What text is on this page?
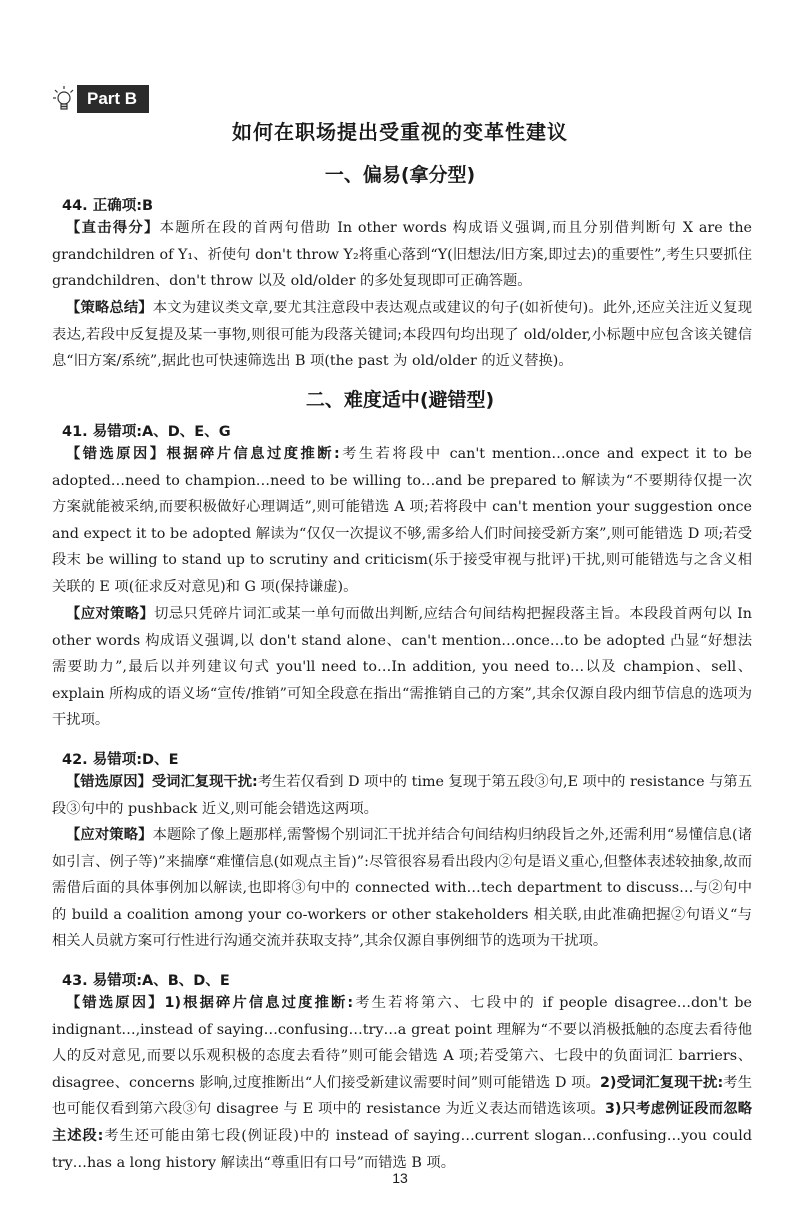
Part B
如何在职场提出受重视的变革性建议
一、偏易(拿分型)
44. 正确项:B
【直击得分】本题所在段的首两句借助 In other words 构成语义强调,而且分别借判断句 X are the grandchildren of Y₁、祈使句 don't throw Y₂将重心落到“Y(旧想法/旧方案,即过去)的重要性”,考生只要抓住 grandchildren、don't throw 以及 old/older 的多处复现即可正确答题。
【策略总结】本文为建议类文章,要尤其注意段中表达观点或建议的句子(如祈使句)。此外,还应关注近义复现表达,若段中反复提及某一事物,则很可能为段落关键词;本段四句均出现了 old/older,小标题中应包含该关键信息“旧方案/系统”,据此也可快速筛选出 B 项(the past 为 old/older 的近义替换)。
二、难度适中(避错型)
41. 易错项:A、D、E、G
【错选原因】根据碎片信息过度推断:考生若将段中 can't mention…once and expect it to be adopted…need to champion…need to be willing to…and be prepared to 解读为“不要期待仅提一次方案就能被采纳,而要积极做好心理调适”,则可能错选 A 项;若将段中 can't mention your suggestion once and expect it to be adopted 解读为“仅仅一次提议不够,需多给人们时间接受新方案”,则可能错选 D 项;若受段末 be willing to stand up to scrutiny and criticism(乐于接受审视与批评)干扰,则可能错选与之含义相关联的 E 项(征求反对意见)和 G 项(保持谦虚)。
【应对策略】切忌只凭碎片词汇或某一单句而做出判断,应结合句间结构把握段落主旨。本段段首两句以 In other words 构成语义强调,以 don't stand alone、can't mention…once…to be adopted 凸显“好想法需要助力”,最后以并列建议句式 you'll need to…In addition, you need to…以及 champion、sell、explain 所构成的语义场“宣传/推销”可知全段意在指出“需推销自己的方案”,其余仅源自段内细节信息的选项为干扰项。
42. 易错项:D、E
【错选原因】受词汇复现干扰:考生若仅看到 D 项中的 time 复现于第五段③句,E 项中的 resistance 与第五段③句中的 pushback 近义,则可能会错选这两项。
【应对策略】本题除了像上题那样,需警惕个别词汇干扰并结合句间结构归纳段旨之外,还需利用“易懂信息(诸如引言、例子等)”来揣摩“难懂信息(如观点主旨)”:尽管很容易看出段内②句是语义重心,但整体表述较抽象,故而需借后面的具体事例加以解读,也即将③句中的 connected with…tech department to discuss…与②句中的 build a coalition among your co-workers or other stakeholders 相关联,由此准确把握②句语义“与相关人员就方案可行性进行沟通交流并获取支持”,其余仅源自事例细节的选项为干扰项。
43. 易错项:A、B、D、E
【错选原因】1)根据碎片信息过度推断:考生若将第六、七段中的 if people disagree…don't be indignant…,instead of saying…confusing…try…a great point 理解为“不要以消极抵触的态度去看待他人的反对意见,而要以乐观积极的态度去看待”则可能会错选 A 项;若受第六、七段中的负面词汇 barriers、disagree、concerns 影响,过度推断出“人们接受新建议需要时间”则可能错选 D 项。2)受词汇复现干扰:考生也可能仅看到第六段③句 disagree 与 E 项中的 resistance 为近义表达而错选该项。3)只考虑例证段而忽略主述段:考生还可能由第七段(例证段)中的 instead of saying…current slogan…confusing…you could try…has a long history 解读出“尊重旧有口号”而错选 B 项。
13
